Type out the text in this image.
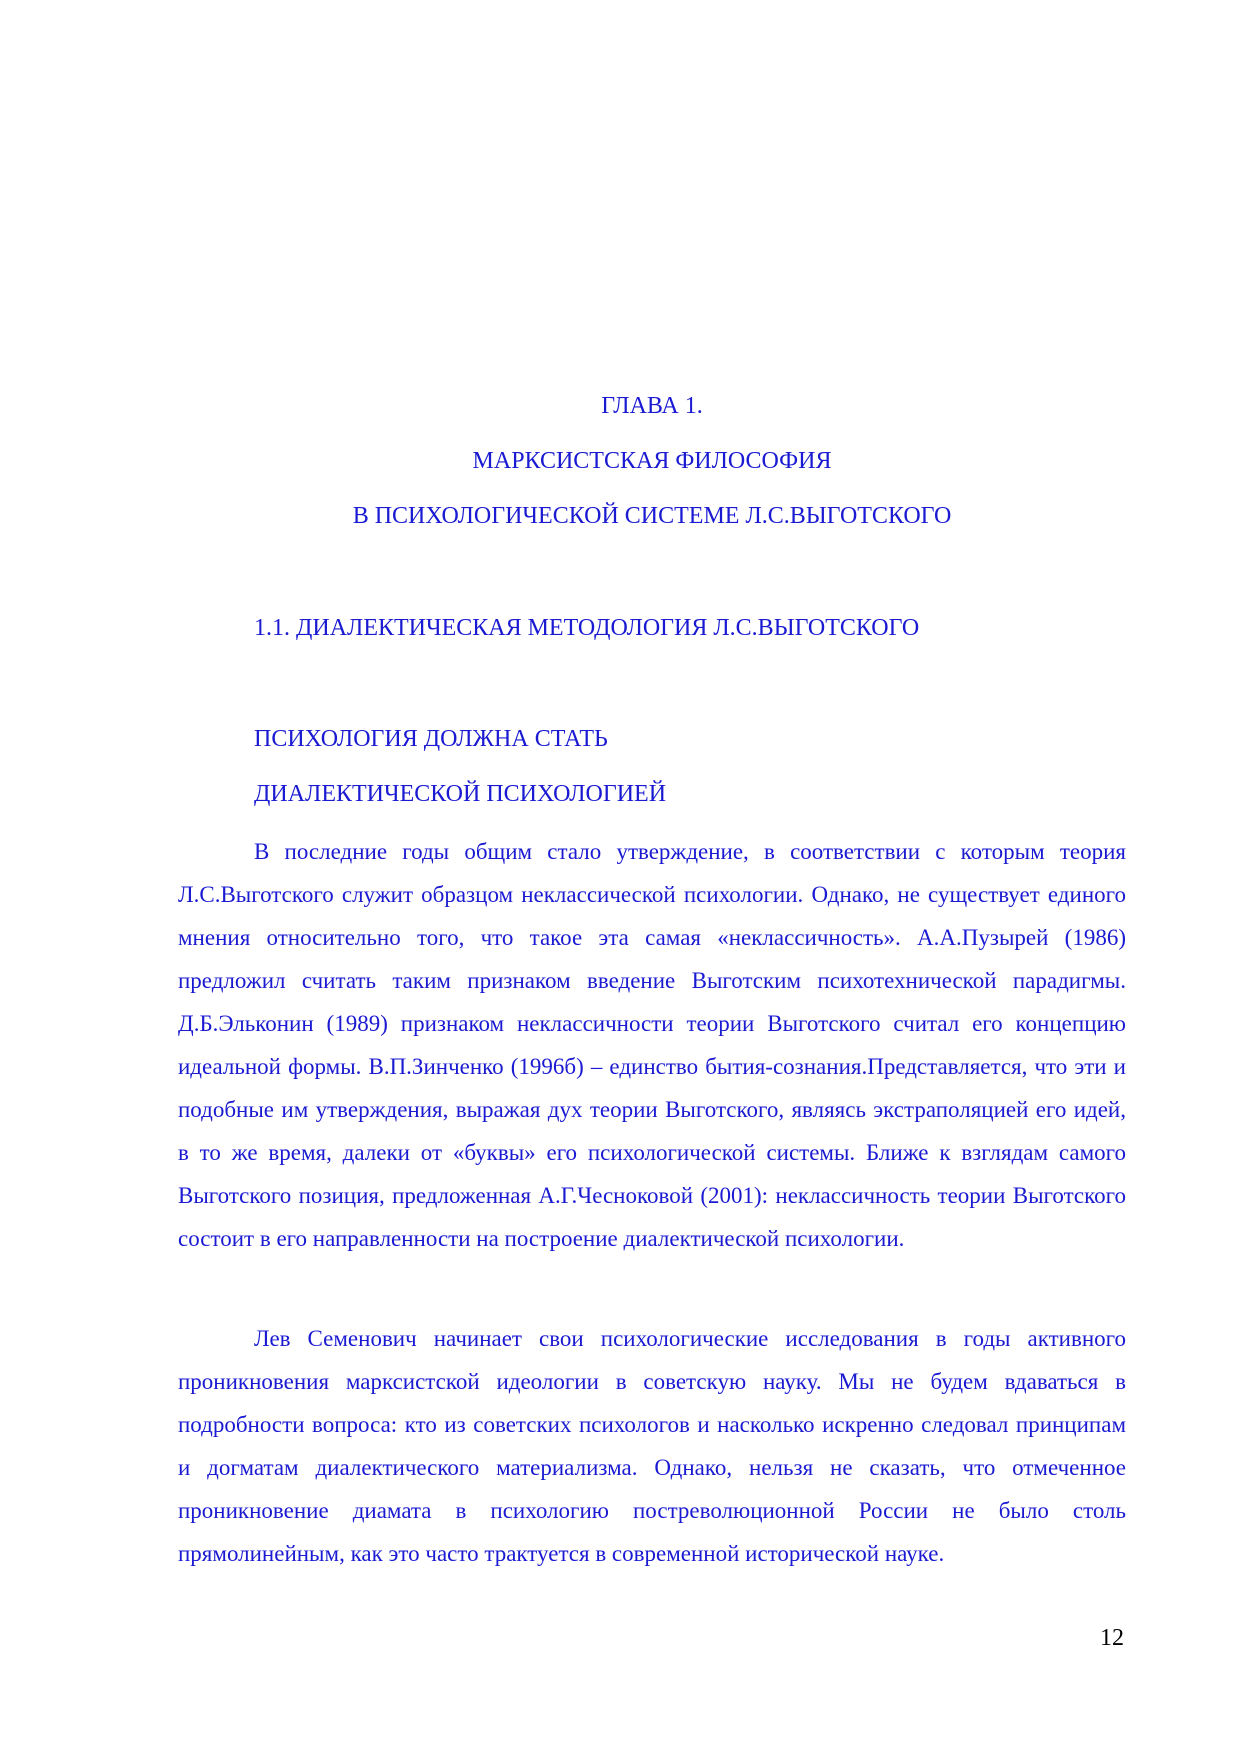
ГЛАВА 1.
МАРКСИСТСКАЯ ФИЛОСОФИЯ
В ПСИХОЛОГИЧЕСКОЙ СИСТЕМЕ Л.С.ВЫГОТСКОГО
1.1. ДИАЛЕКТИЧЕСКАЯ МЕТОДОЛОГИЯ Л.С.ВЫГОТСКОГО
ПСИХОЛОГИЯ ДОЛЖНА СТАТЬ
ДИАЛЕКТИЧЕСКОЙ ПСИХОЛОГИЕЙ

В последние годы общим стало утверждение, в соответствии с которым теория Л.С.Выготского служит образцом неклассической психологии. Однако, не существует единого мнения относительно того, что такое эта самая «неклассичность». А.А.Пузырей (1986) предложил считать таким признаком введение Выготским психотехнической парадигмы. Д.Б.Эльконин (1989) признаком неклассичности теории Выготского считал его концепцию идеальной формы. В.П.Зинченко (1996б) – единство бытия-сознания.Представляется, что эти и подобные им утверждения, выражая дух теории Выготского, являясь экстраполяцией его идей, в то же время, далеки от «буквы» его психологической системы. Ближе к взглядам самого Выготского позиция, предложенная А.Г.Чесноковой (2001): неклассичность теории Выготского состоит в его направленности на построение диалектической психологии.

Лев Семенович начинает свои психологические исследования в годы активного проникновения марксистской идеологии в советскую науку. Мы не будем вдаваться в подробности вопроса: кто из советских психологов и насколько искренно следовал принципам и догматам диалектического материализма. Однако, нельзя не сказать, что отмеченное проникновение диамата в психологию постреволюционной России не было столь прямолинейным, как это часто трактуется в современной исторической науке.

12
